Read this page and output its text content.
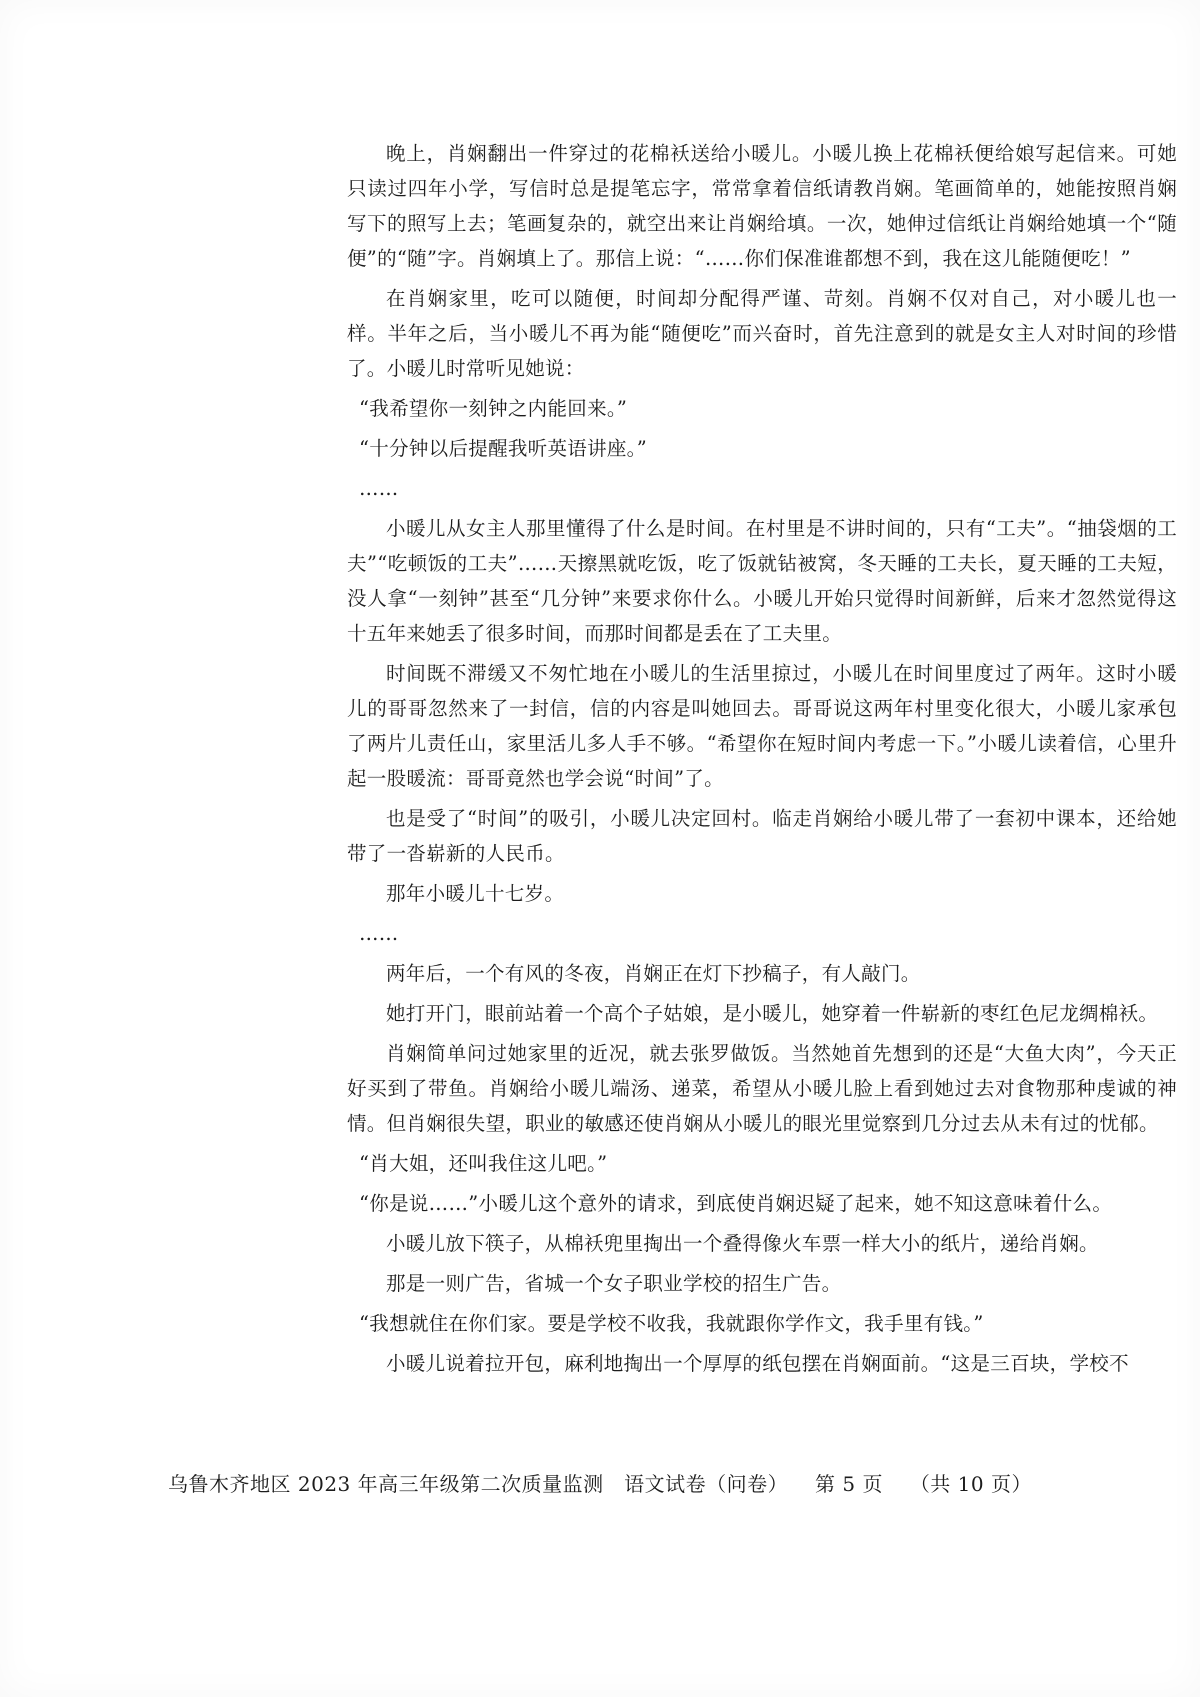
晚上，肖娴翻出一件穿过的花棉袄送给小暖儿。小暖儿换上花棉袄便给娘写起信来。可她只读过四年小学，写信时总是提笔忘字，常常拿着信纸请教肖娴。笔画简单的，她能按照肖娴写下的照写上去；笔画复杂的，就空出来让肖娴给填。一次，她伸过信纸让肖娴给她填一个“随便”的“随”字。肖娴填上了。那信上说：“……你们保准谁都想不到，我在这儿能随便吃！”

在肖娴家里，吃可以随便，时间却分配得严谨、苛刻。肖娴不仅对自己，对小暖儿也一样。半年之后，当小暖儿不再为能“随便吃”而兴奋时，首先注意到的就是女主人对时间的珍惜了。小暖儿时常听见她说：

“我希望你一刻钟之内能回来。”

“十分钟以后提醒我听英语讲座。”

……

小暖儿从女主人那里懂得了什么是时间。在村里是不讲时间的，只有“工夫”。“抽袋烟的工夫”“吃顿饭的工夫”……天擦黑就吃饭，吃了饭就钻被窝，冬天睡的工夫长，夏天睡的工夫短，没人拿“一刻钟”甚至“几分钟”来要求你什么。小暖儿开始只觉得时间新鲜，后来才忽然觉得这十五年来她丢了很多时间，而那时间都是丢在了工夫里。

时间既不滞缓又不匆忙地在小暖儿的生活里掠过，小暖儿在时间里度过了两年。这时小暖儿的哥哥忽然来了一封信，信的内容是叫她回去。哥哥说这两年村里变化很大，小暖儿家承包了两片儿责任山，家里活儿多人手不够。“希望你在短时间内考虑一下。”小暖儿读着信，心里升起一股暖流：哥哥竟然也学会说“时间”了。

也是受了“时间”的吸引，小暖儿决定回村。临走肖娴给小暖儿带了一套初中课本，还给她带了一沓崭新的人民币。

那年小暖儿十七岁。

……

两年后，一个有风的冬夜，肖娴正在灯下抄稿子，有人敲门。

她打开门，眼前站着一个高个子姑娘，是小暖儿，她穿着一件崭新的枣红色尼龙绸棉袄。

肖娴简单问过她家里的近况，就去张罗做饭。当然她首先想到的还是“大鱼大肉”，今天正好买到了带鱼。肖娴给小暖儿端汤、递菜，希望从小暖儿脸上看到她过去对食物那种虔诚的神情。但肖娴很失望，职业的敏感还使肖娴从小暖儿的眼光里觉察到几分过去从未有过的忧郁。

“肖大姐，还叫我住这儿吧。”

“你是说……”小暖儿这个意外的请求，到底使肖娴迟疑了起来，她不知这意味着什么。

小暖儿放下筷子，从棉袄兜里掏出一个叠得像火车票一样大小的纸片，递给肖娴。

那是一则广告，省城一个女子职业学校的招生广告。

“我想就住在你们家。要是学校不收我，我就跟你学作文，我手里有钱。”

小暖儿说着拉开包，麻利地掏出一个厚厚的纸包摆在肖娴面前。“这是三百块，学校不

乌鲁木齐地区 2023 年高三年级第二次质量监测　语文试卷（问卷） 第 5 页 （共 10 页）
